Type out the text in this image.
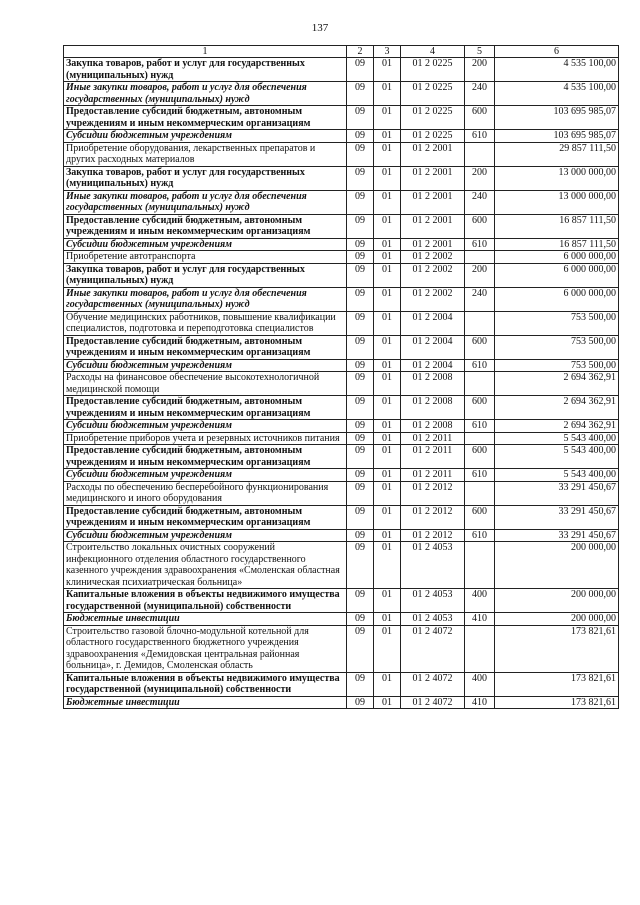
137
1	2	3	4	5	6
Закупка товаров, работ и услуг для государственных (муниципальных) нужд	09	01	01 2 0225	200	4 535 100,00
Иные закупки товаров, работ и услуг для обеспечения государственных (муниципальных) нужд	09	01	01 2 0225	240	4 535 100,00
Предоставление субсидий бюджетным, автономным учреждениям и иным некоммерческим организациям	09	01	01 2 0225	600	103 695 985,07
Субсидии бюджетным учреждениям	09	01	01 2 0225	610	103 695 985,07
Приобретение оборудования, лекарственных препаратов и других расходных материалов	09	01	01 2 2001		29 857 111,50
Закупка товаров, работ и услуг для государственных (муниципальных) нужд	09	01	01 2 2001	200	13 000 000,00
Иные закупки товаров, работ и услуг для обеспечения государственных (муниципальных) нужд	09	01	01 2 2001	240	13 000 000,00
Предоставление субсидий бюджетным, автономным учреждениям и иным некоммерческим организациям	09	01	01 2 2001	600	16 857 111,50
Субсидии бюджетным учреждениям	09	01	01 2 2001	610	16 857 111,50
Приобретение автотранспорта	09	01	01 2 2002		6 000 000,00
Закупка товаров, работ и услуг для государственных (муниципальных) нужд	09	01	01 2 2002	200	6 000 000,00
Иные закупки товаров, работ и услуг для обеспечения государственных (муниципальных) нужд	09	01	01 2 2002	240	6 000 000,00
Обучение медицинских работников, повышение квалификации специалистов, подготовка и переподготовка специалистов	09	01	01 2 2004		753 500,00
Предоставление субсидий бюджетным, автономным учреждениям и иным некоммерческим организациям	09	01	01 2 2004	600	753 500,00
Субсидии бюджетным учреждениям	09	01	01 2 2004	610	753 500,00
Расходы на финансовое обеспечение высокотехнологичной медицинской помощи	09	01	01 2 2008		2 694 362,91
Предоставление субсидий бюджетным, автономным учреждениям и иным некоммерческим организациям	09	01	01 2 2008	600	2 694 362,91
Субсидии бюджетным учреждениям	09	01	01 2 2008	610	2 694 362,91
Приобретение приборов учета и резервных источников питания	09	01	01 2 2011		5 543 400,00
Предоставление субсидий бюджетным, автономным учреждениям и иным некоммерческим организациям	09	01	01 2 2011	600	5 543 400,00
Субсидии бюджетным учреждениям	09	01	01 2 2011	610	5 543 400,00
Расходы по обеспечению бесперебойного функционирования медицинского и иного оборудования	09	01	01 2 2012		33 291 450,67
Предоставление субсидий бюджетным, автономным учреждениям и иным некоммерческим организациям	09	01	01 2 2012	600	33 291 450,67
Субсидии бюджетным учреждениям	09	01	01 2 2012	610	33 291 450,67
Строительство локальных очистных сооружений инфекционного отделения областного государственного казенного учреждения здравоохранения «Смоленская областная клиническая психиатрическая больница»	09	01	01 2 4053		200 000,00
Капитальные вложения в объекты недвижимого имущества государственной (муниципальной) собственности	09	01	01 2 4053	400	200 000,00
Бюджетные инвестиции	09	01	01 2 4053	410	200 000,00
Строительство газовой блочно-модульной котельной для областного государственного бюджетного учреждения здравоохранения «Демидовская центральная районная больница», г. Демидов, Смоленская область	09	01	01 2 4072		173 821,61
Капитальные вложения в объекты недвижимого имущества государственной (муниципальной) собственности	09	01	01 2 4072	400	173 821,61
Бюджетные инвестиции	09	01	01 2 4072	410	173 821,61
